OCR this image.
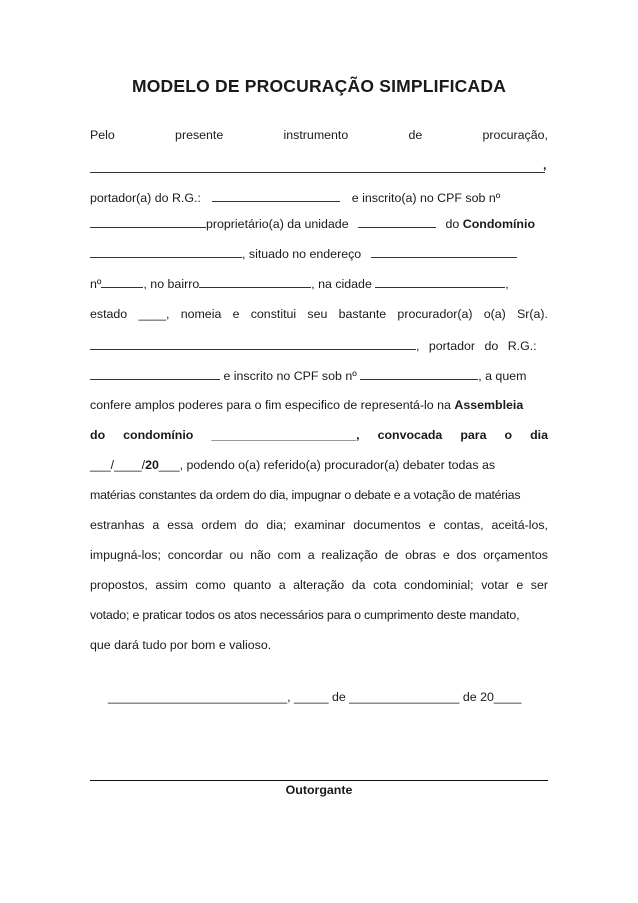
MODELO DE PROCURAÇÃO SIMPLIFICADA
Pelo	presente	instrumento	de	procuração,
,
portador(a) do R.G.:	e inscrito(a) no CPF sob nº
proprietário(a) da unidade	do Condomínio
, situado no endereço
nº	, no bairro	, na cidade	,
estado ____, nomeia e constitui seu bastante procurador(a) o(a) Sr(a).
, portador do R.G.:
e inscrito no CPF sob nº	, a quem
confere amplos poderes para o fim especifico de representá-lo na Assembleia
do condomínio _____________________, convocada para o dia
___/____/20___, podendo o(a) referido(a) procurador(a) debater todas as
matérias constantes da ordem do dia, impugnar o debate e a votação de matérias
estranhas a essa ordem do dia; examinar documentos e contas, aceitá-los,
impugná-los; concordar ou não com a realização de obras e dos orçamentos
propostos, assim como quanto a alteração da cota condominial; votar e ser
votado; e praticar todos os atos necessários para o cumprimento deste mandato,
que dará tudo por bom e valioso.
__________________________, _____ de ________________ de 20____
Outorgante
